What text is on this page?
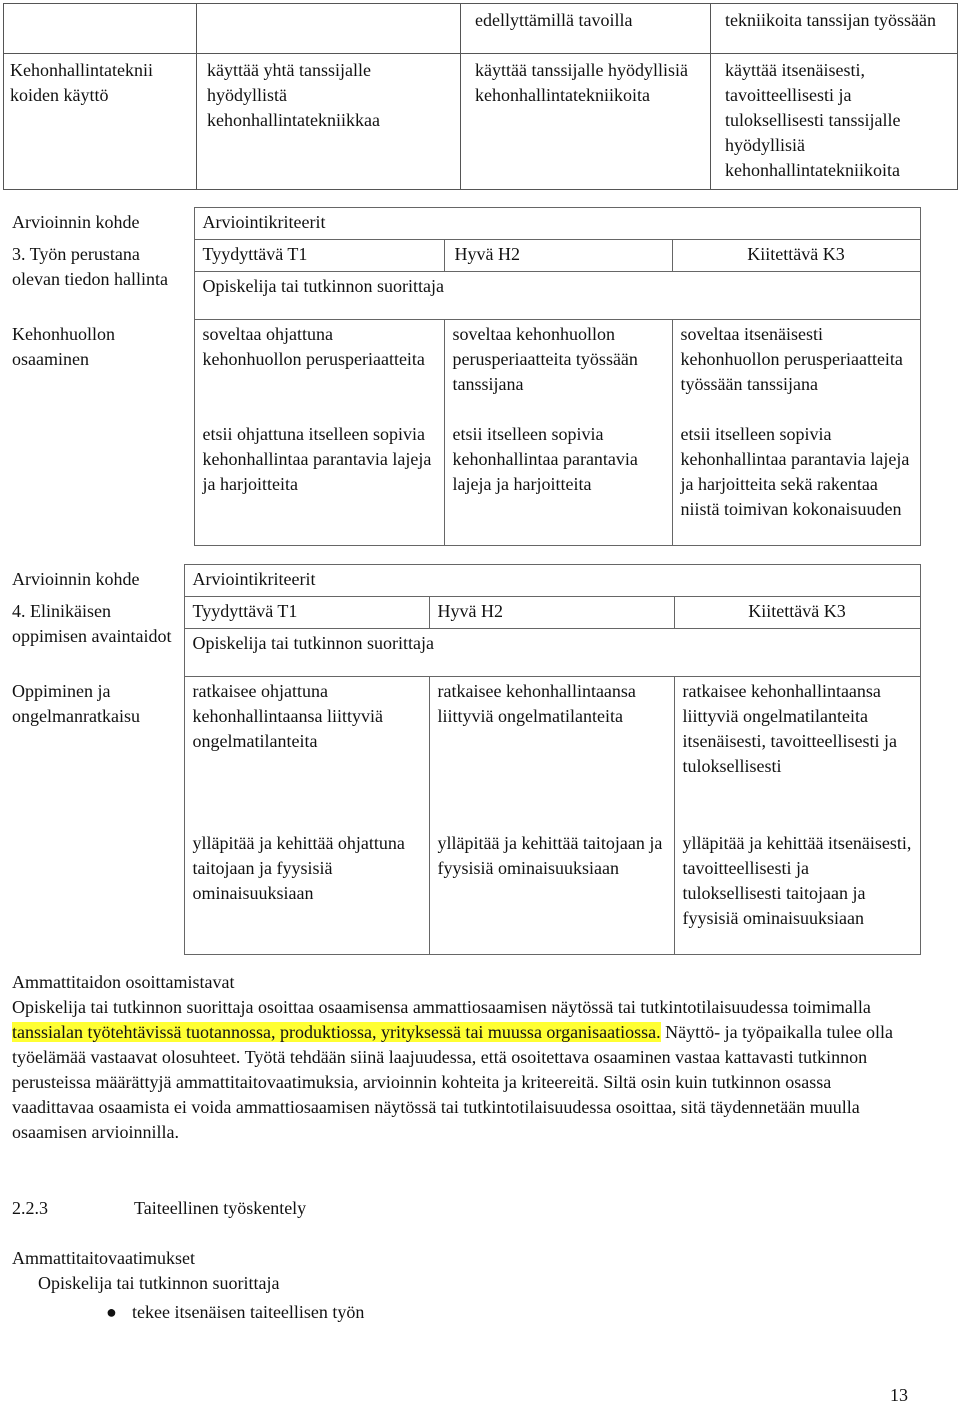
		edellyttämillä tavoilla	tekniikoita tanssijan työssään
Kehonhallintateknii koiden käyttö	käyttää yhtä tanssijalle hyödyllistä kehonhallintatekniikkaa	käyttää tanssijalle hyödyllisiä kehonhallintatekniikoita	käyttää itsenäisesti, tavoitteellisesti ja tuloksellisesti tanssijalle hyödyllisiä kehonhallintatekniikoita
Arvioinnin kohde	Arviointikriteerit		
3. Työn perustana olevan tiedon hallinta	Tyydyttävä T1	Hyvä H2	Kiitettävä K3
	Opiskelija tai tutkinnon suorittaja		
Kehonhuollon osaaminen	soveltaa ohjattuna kehonhuollon perusperiaatteita	soveltaa kehonhuollon perusperiaatteita työssään tanssijana	soveltaa itsenäisesti kehonhuollon perusperiaatteita työssään tanssijana
	etsii ohjattuna itselleen sopivia kehonhallintaa parantavia lajeja ja harjoitteita	etsii itselleen sopivia kehonhallintaa parantavia lajeja ja harjoitteita	etsii itselleen sopivia kehonhallintaa parantavia lajeja ja harjoitteita sekä rakentaa niistä toimivan kokonaisuuden
Arvioinnin kohde	Arviointikriteerit		
4. Elinikäisen oppimisen avaintaidot	Tyydyttävä T1	Hyvä H2	Kiitettävä K3
	Opiskelija tai tutkinnon suorittaja		
Oppiminen ja ongelmanratkaisu	ratkaisee ohjattuna kehonhallintaansa liittyviä ongelmatilanteita	ratkaisee kehonhallintaansa liittyviä ongelmatilanteita	ratkaisee kehonhallintaansa liittyviä ongelmatilanteita itsenäisesti, tavoitteellisesti ja tuloksellisesti
	ylläpitää ja kehittää ohjattuna taitojaan ja fyysisiä ominaisuuksiaan	ylläpitää ja kehittää taitojaan ja fyysisiä ominaisuuksiaan	ylläpitää ja kehittää itsenäisesti, tavoitteellisesti ja tuloksellisesti taitojaan ja fyysisiä ominaisuuksiaan
Ammattitaidon osoittamistavat
Opiskelija tai tutkinnon suorittaja osoittaa osaamisensa ammattiosaamisen näytössä tai tutkintotilaisuudessa toimimalla tanssialan työtehtävissä tuotannossa, produktiossa, yrityksessä tai muussa organisaatiossa. Näyttö- ja työpaikalla tulee olla työelämää vastaavat olosuhteet. Työtä tehdään siinä laajuudessa, että osoitettava osaaminen vastaa kattavasti tutkinnon perusteissa määrättyjä ammattitaitovaatimuksia, arvioinnin kohteita ja kriteereitä. Siltä osin kuin tutkinnon osassa vaadittavaa osaamista ei voida ammattiosaamisen näytössä tai tutkintotilaisuudessa osoittaa, sitä täydennetään muulla osaamisen arvioinnilla.
2.2.3	Taiteellinen työskentely
Ammattitaitovaatimukset
Opiskelija tai tutkinnon suorittaja
● tekee itsenäisen taiteellisen työn
13
